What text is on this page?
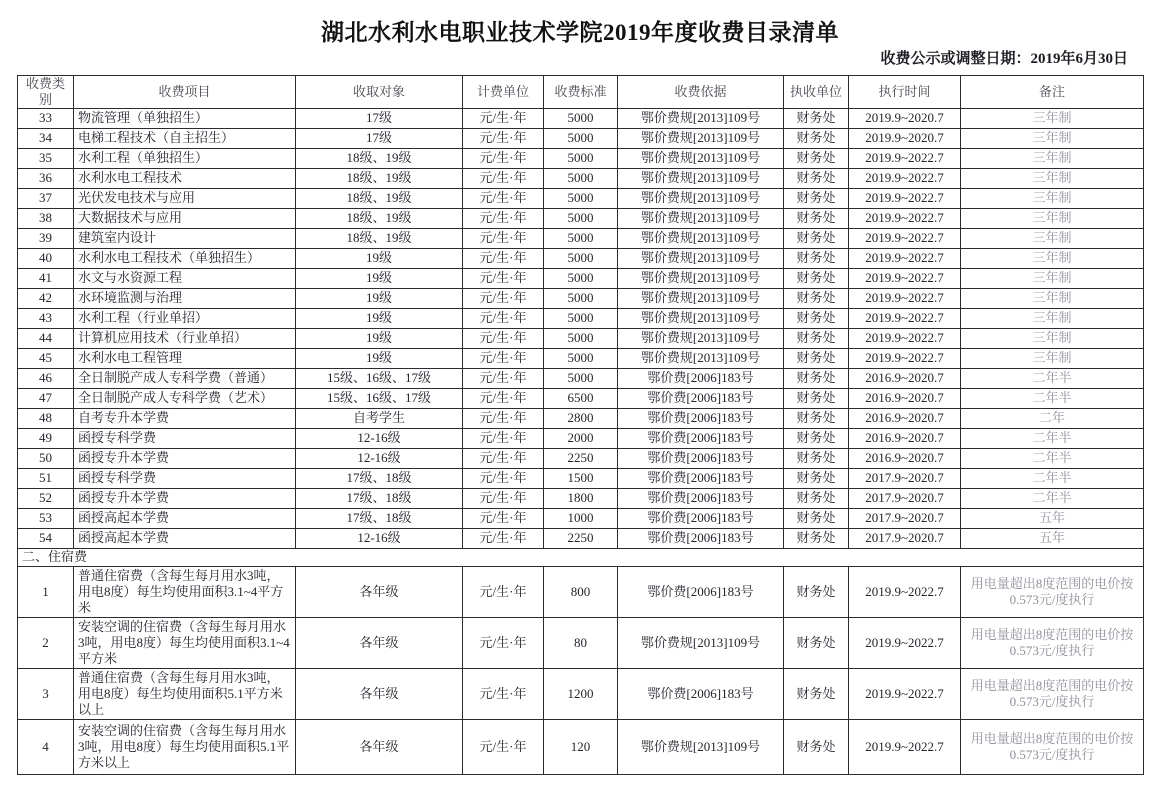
湖北水利水电职业技术学院2019年度收费目录清单
收费公示或调整日期：2019年6月30日
收费类别	收费项目	收取对象	计费单位	收费标准	收费依据	执收单位	执行时间	备注
33	物流管理（单独招生）	17级	元/生·年	5000	鄂价费规[2013]109号	财务处	2019.9~2020.7	三年制
34	电梯工程技术（自主招生）	17级	元/生·年	5000	鄂价费规[2013]109号	财务处	2019.9~2020.7	三年制
35	水利工程（单独招生）	18级、19级	元/生·年	5000	鄂价费规[2013]109号	财务处	2019.9~2022.7	三年制
36	水利水电工程技术	18级、19级	元/生·年	5000	鄂价费规[2013]109号	财务处	2019.9~2022.7	三年制
37	光伏发电技术与应用	18级、19级	元/生·年	5000	鄂价费规[2013]109号	财务处	2019.9~2022.7	三年制
38	大数据技术与应用	18级、19级	元/生·年	5000	鄂价费规[2013]109号	财务处	2019.9~2022.7	三年制
39	建筑室内设计	18级、19级	元/生·年	5000	鄂价费规[2013]109号	财务处	2019.9~2022.7	三年制
40	水利水电工程技术（单独招生）	19级	元/生·年	5000	鄂价费规[2013]109号	财务处	2019.9~2022.7	三年制
41	水文与水资源工程	19级	元/生·年	5000	鄂价费规[2013]109号	财务处	2019.9~2022.7	三年制
42	水环境监测与治理	19级	元/生·年	5000	鄂价费规[2013]109号	财务处	2019.9~2022.7	三年制
43	水利工程（行业单招）	19级	元/生·年	5000	鄂价费规[2013]109号	财务处	2019.9~2022.7	三年制
44	计算机应用技术（行业单招）	19级	元/生·年	5000	鄂价费规[2013]109号	财务处	2019.9~2022.7	三年制
45	水利水电工程管理	19级	元/生·年	5000	鄂价费规[2013]109号	财务处	2019.9~2022.7	三年制
46	全日制脱产成人专科学费（普通）	15级、16级、17级	元/生·年	5000	鄂价费[2006]183号	财务处	2016.9~2020.7	二年半
47	全日制脱产成人专科学费（艺术）	15级、16级、17级	元/生·年	6500	鄂价费[2006]183号	财务处	2016.9~2020.7	二年半
48	自考专升本学费	自考学生	元/生·年	2800	鄂价费[2006]183号	财务处	2016.9~2020.7	二年
49	函授专科学费	12-16级	元/生·年	2000	鄂价费[2006]183号	财务处	2016.9~2020.7	二年半
50	函授专升本学费	12-16级	元/生·年	2250	鄂价费[2006]183号	财务处	2016.9~2020.7	二年半
51	函授专科学费	17级、18级	元/生·年	1500	鄂价费[2006]183号	财务处	2017.9~2020.7	二年半
52	函授专升本学费	17级、18级	元/生·年	1800	鄂价费[2006]183号	财务处	2017.9~2020.7	二年半
53	函授高起本学费	17级、18级	元/生·年	1000	鄂价费[2006]183号	财务处	2017.9~2020.7	五年
54	函授高起本学费	12-16级	元/生·年	2250	鄂价费[2006]183号	财务处	2017.9~2020.7	五年
二、住宿费								
1	普通住宿费（含每生每月用水3吨，用电8度）每生均使用面积3.1~4平方米	各年级	元/生·年	800	鄂价费[2006]183号	财务处	2019.9~2022.7	用电量超出8度范围的电价按0.573元/度执行
2	安装空调的住宿费（含每生每月用水3吨，用电8度）每生均使用面积3.1~4平方米	各年级	元/生·年	80	鄂价费规[2013]109号	财务处	2019.9~2022.7	用电量超出8度范围的电价按0.573元/度执行
3	普通住宿费（含每生每月用水3吨，用电8度）每生均使用面积5.1平方米以上	各年级	元/生·年	1200	鄂价费[2006]183号	财务处	2019.9~2022.7	用电量超出8度范围的电价按0.573元/度执行
4	安装空调的住宿费（含每生每月用水3吨，用电8度）每生均使用面积5.1平方米以上	各年级	元/生·年	120	鄂价费规[2013]109号	财务处	2019.9~2022.7	用电量超出8度范围的电价按0.573元/度执行
